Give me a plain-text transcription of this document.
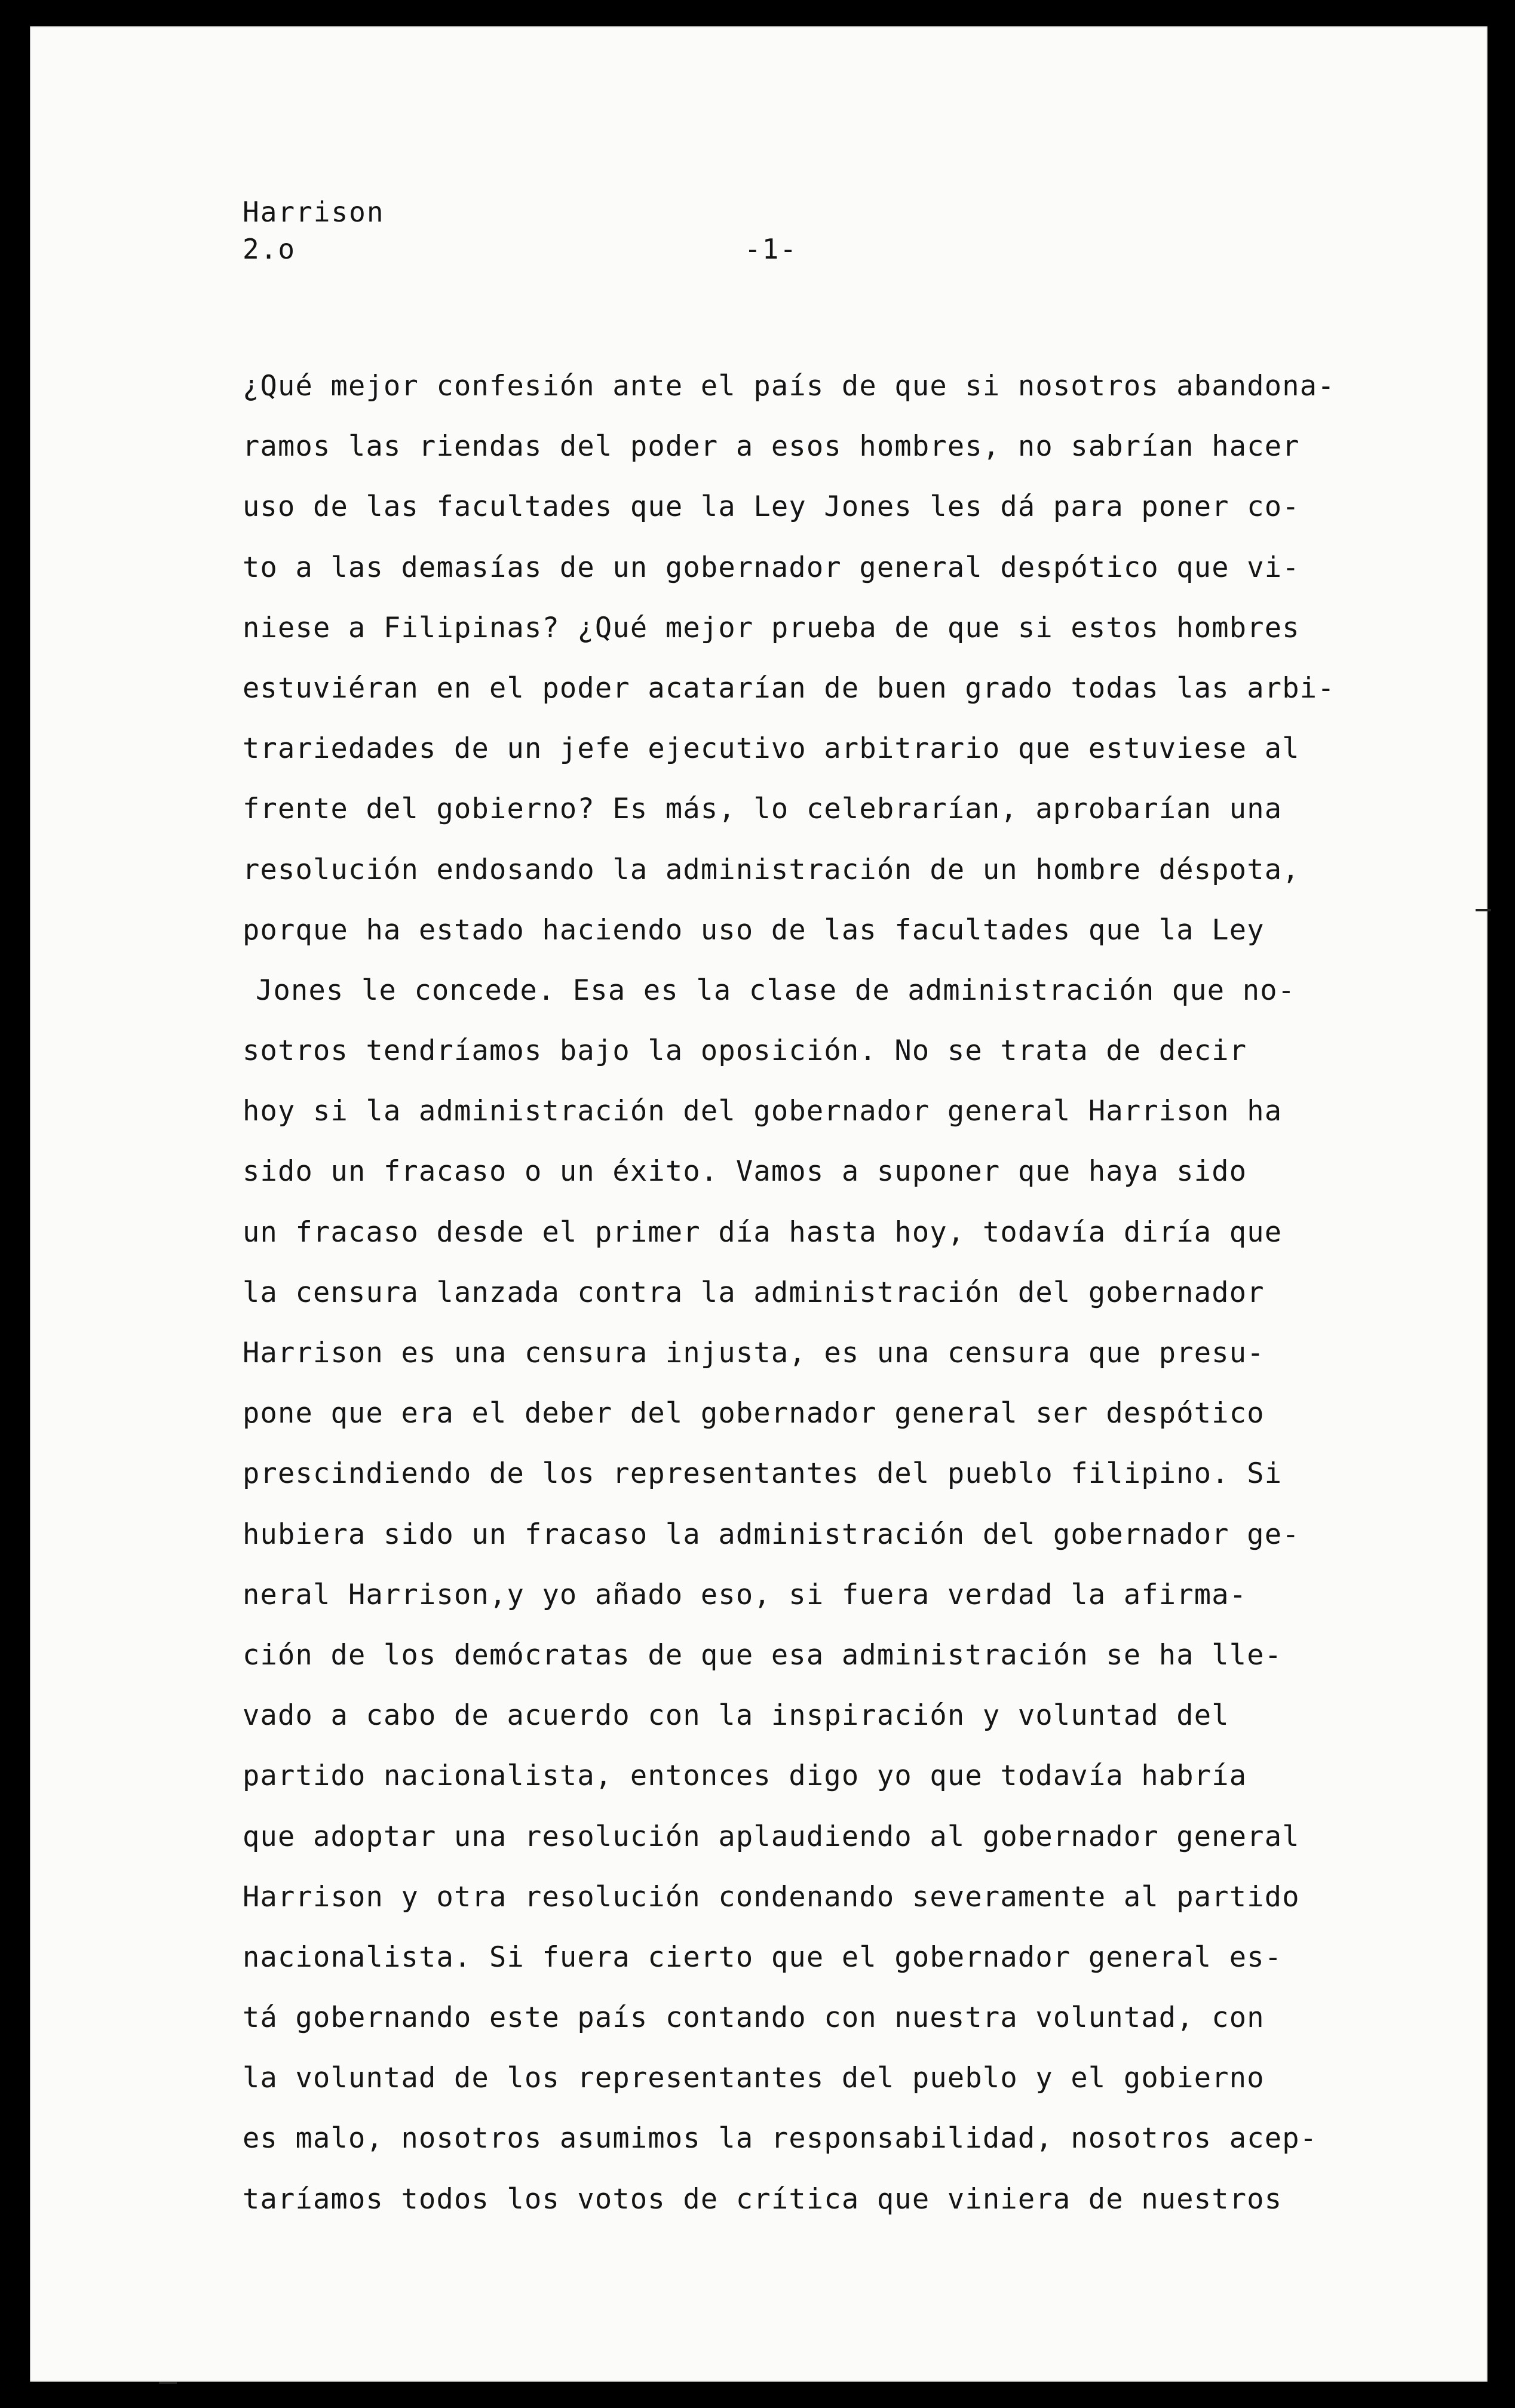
Harrison
2.o	-1-
¿Qué mejor confesión ante el país de que si nosotros abandona-
ramos las riendas del poder a esos hombres, no sabrían hacer
uso de las facultades que la Ley Jones les dá para poner co-
to a las demasías de un gobernador general despótico que vi-
niese a Filipinas? ¿Qué mejor prueba de que si estos hombres
estuviéran en el poder acatarían de buen grado todas las arbi-
trariedades de un jefe ejecutivo arbitrario que estuviese al
frente del gobierno? Es más, lo celebrarían, aprobarían una
resolución endosando la administración de un hombre déspota,
porque ha estado haciendo uso de las facultades que la Ley
Jones le concede. Esa es la clase de administración que no-
sotros tendríamos bajo la oposición. No se trata de decir
hoy si la administración del gobernador general Harrison ha
sido un fracaso o un éxito. Vamos a suponer que haya sido
un fracaso desde el primer día hasta hoy, todavía diría que
la censura lanzada contra la administración del gobernador
Harrison es una censura injusta, es una censura que presu-
pone que era el deber del gobernador general ser despótico
prescindiendo de los representantes del pueblo filipino. Si
hubiera sido un fracaso la administración del gobernador ge-
neral Harrison,y yo añado eso, si fuera verdad la afirma-
ción de los demócratas de que esa administración se ha lle-
vado a cabo de acuerdo con la inspiración y voluntad del
partido nacionalista, entonces digo yo que todavía habría
que adoptar una resolución aplaudiendo al gobernador general
Harrison y otra resolución condenando severamente al partido
nacionalista. Si fuera cierto que el gobernador general es-
tá gobernando este país contando con nuestra voluntad, con
la voluntad de los representantes del pueblo y el gobierno
es malo, nosotros asumimos la responsabilidad, nosotros acep-
taríamos todos los votos de crítica que viniera de nuestros
